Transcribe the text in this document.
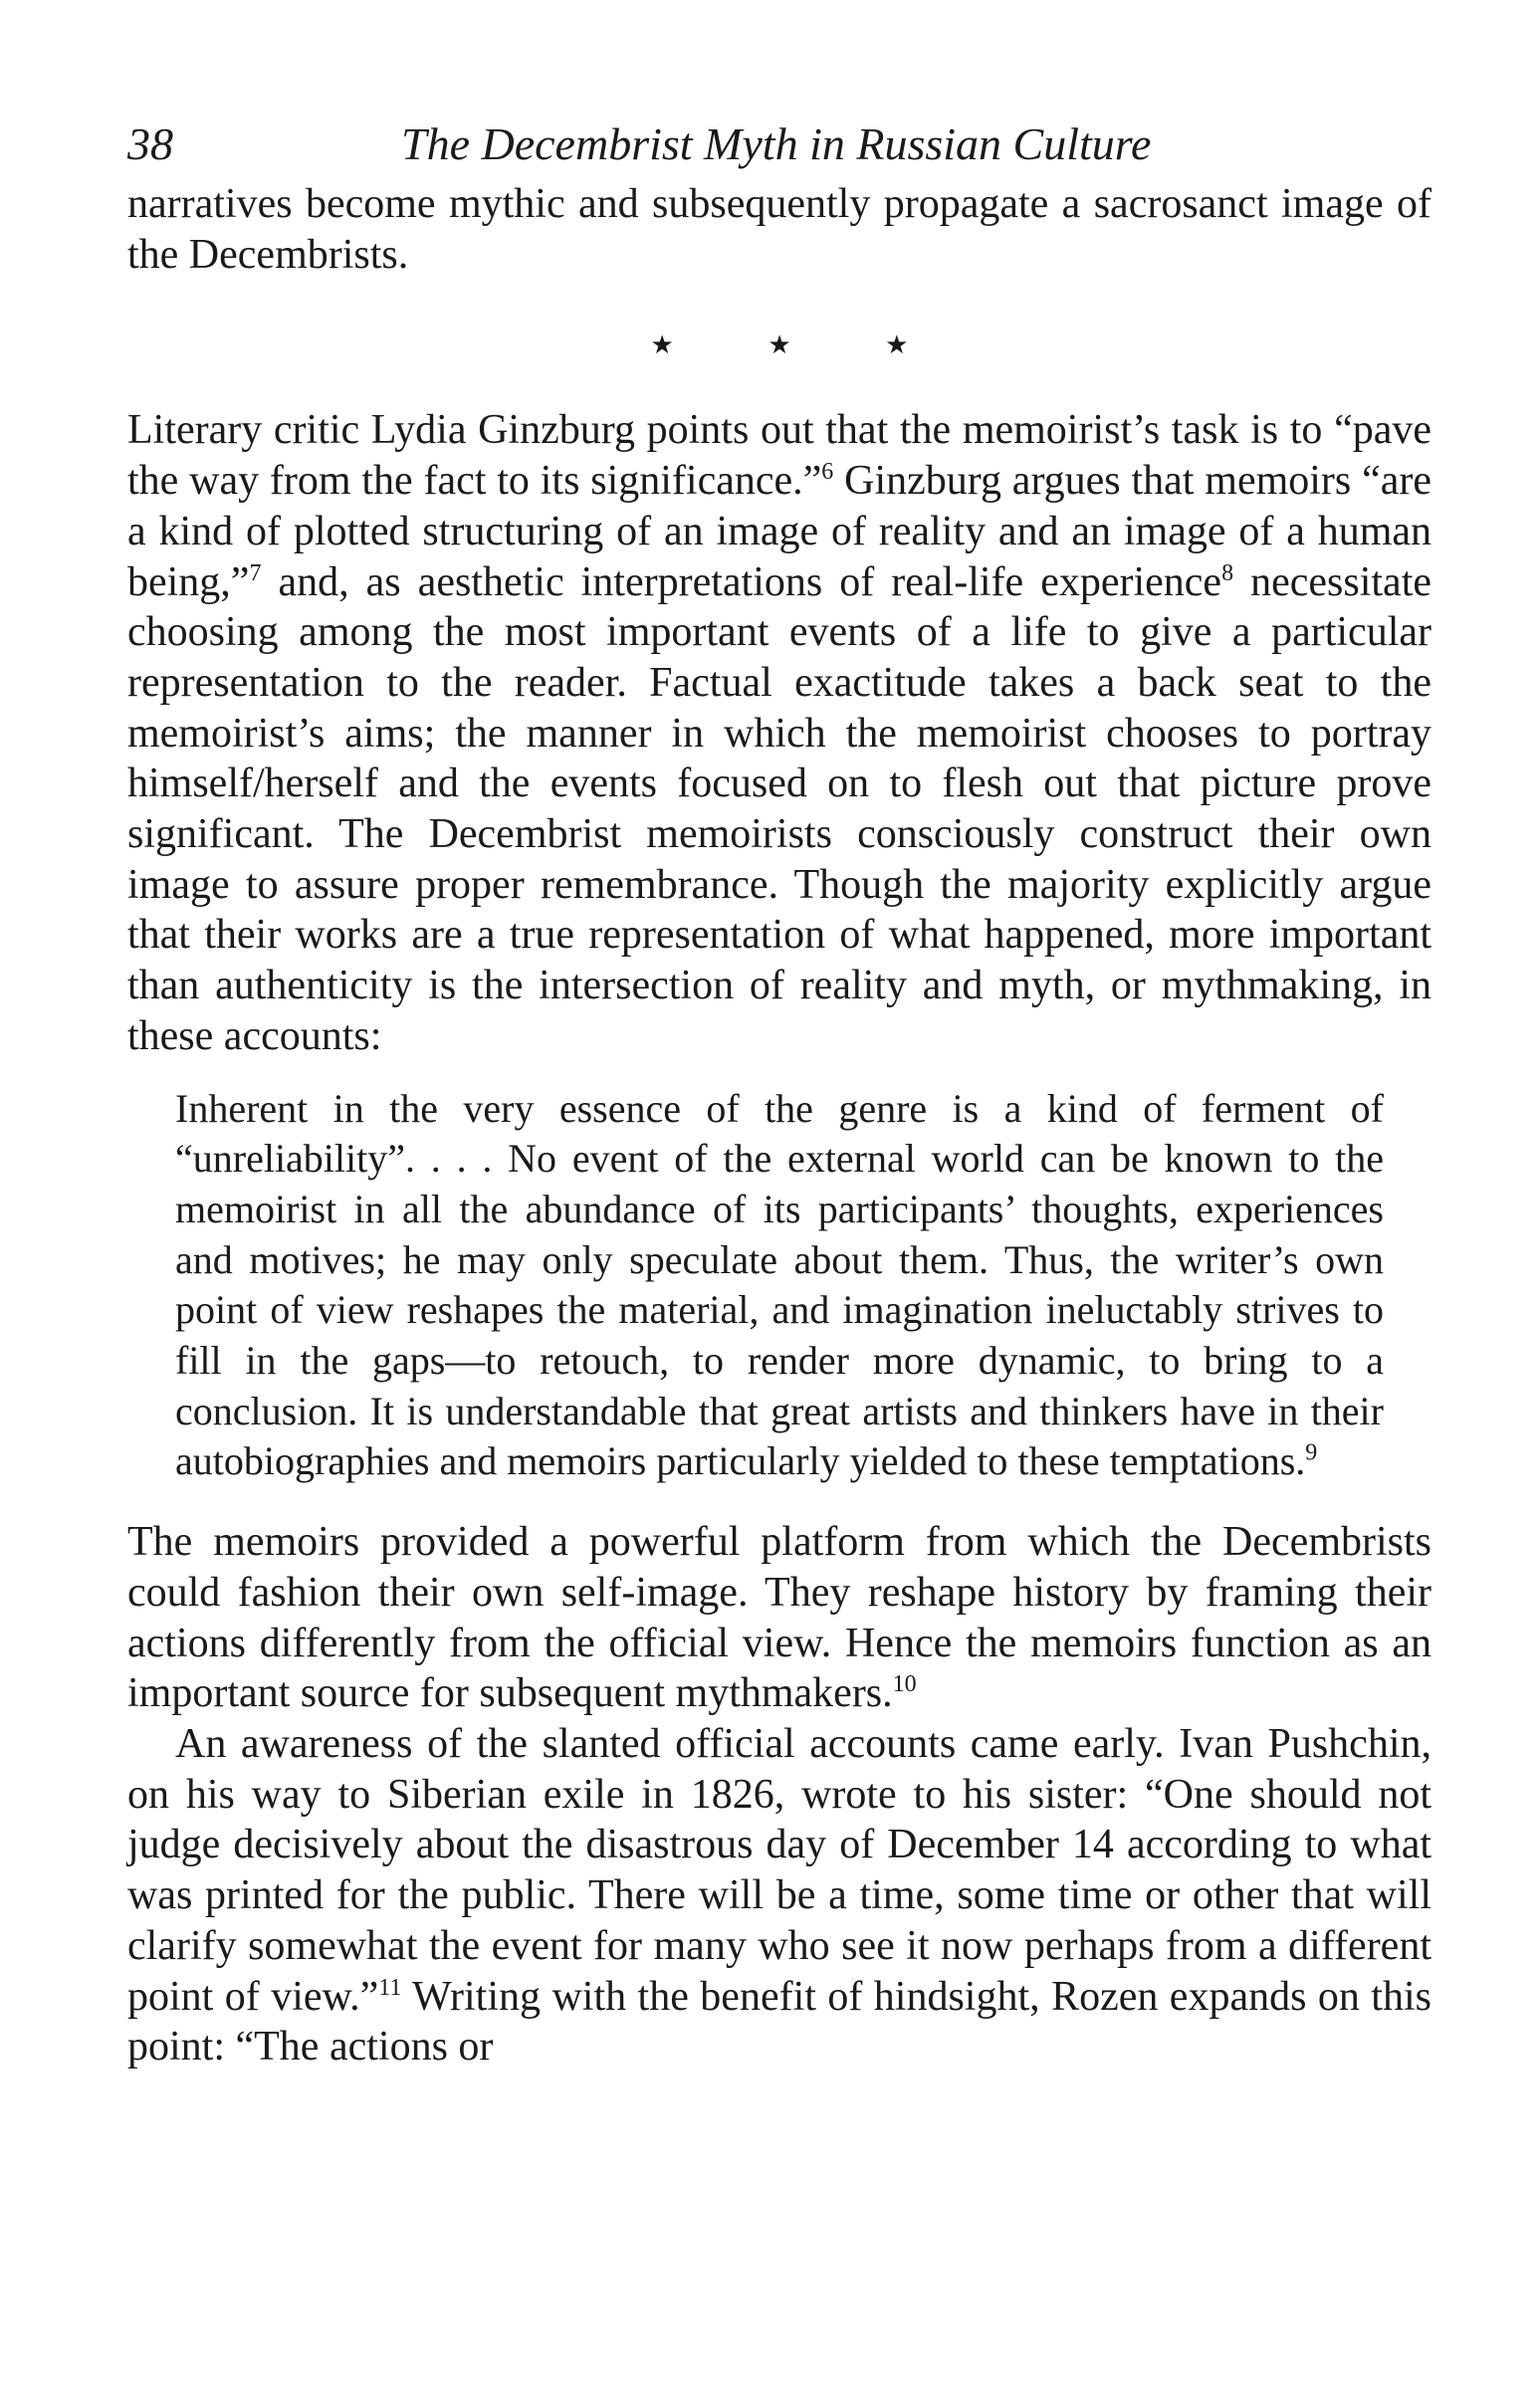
38	The Decembrist Myth in Russian Culture

narratives become mythic and subsequently propagate a sacrosanct image of the Decembrists.

★ ★ ★

Literary critic Lydia Ginzburg points out that the memoirist’s task is to “pave the way from the fact to its significance.”$^6$ Ginzburg argues that memoirs “are a kind of plotted structuring of an image of reality and an image of a human being,”$^7$ and, as aesthetic interpretations of real-life experience$^8$ necessitate choosing among the most important events of a life to give a particular representation to the reader. Factual exactitude takes a back seat to the memoirist’s aims; the manner in which the memoirist chooses to portray himself/herself and the events focused on to flesh out that picture prove significant. The Decembrist memoirists consciously construct their own image to assure proper remembrance. Though the majority explicitly argue that their works are a true representation of what happened, more important than authenticity is the intersection of reality and myth, or mythmaking, in these accounts:

Inherent in the very essence of the genre is a kind of ferment of “unreliability”. . . . No event of the external world can be known to the memoirist in all the abundance of its participants’ thoughts, experiences and motives; he may only speculate about them. Thus, the writer’s own point of view reshapes the material, and imagination ineluctably strives to fill in the gaps—to retouch, to render more dynamic, to bring to a conclusion. It is understandable that great artists and thinkers have in their autobiographies and memoirs particularly yielded to these temptations.$^9$

The memoirs provided a powerful platform from which the Decembrists could fashion their own self-image. They reshape history by framing their actions differently from the official view. Hence the memoirs function as an important source for subsequent mythmakers.$^{10}$

An awareness of the slanted official accounts came early. Ivan Pushchin, on his way to Siberian exile in 1826, wrote to his sister: “One should not judge decisively about the disastrous day of December 14 according to what was printed for the public. There will be a time, some time or other that will clarify somewhat the event for many who see it now perhaps from a different point of view.”$^{11}$ Writing with the benefit of hindsight, Rozen expands on this point: “The actions or
